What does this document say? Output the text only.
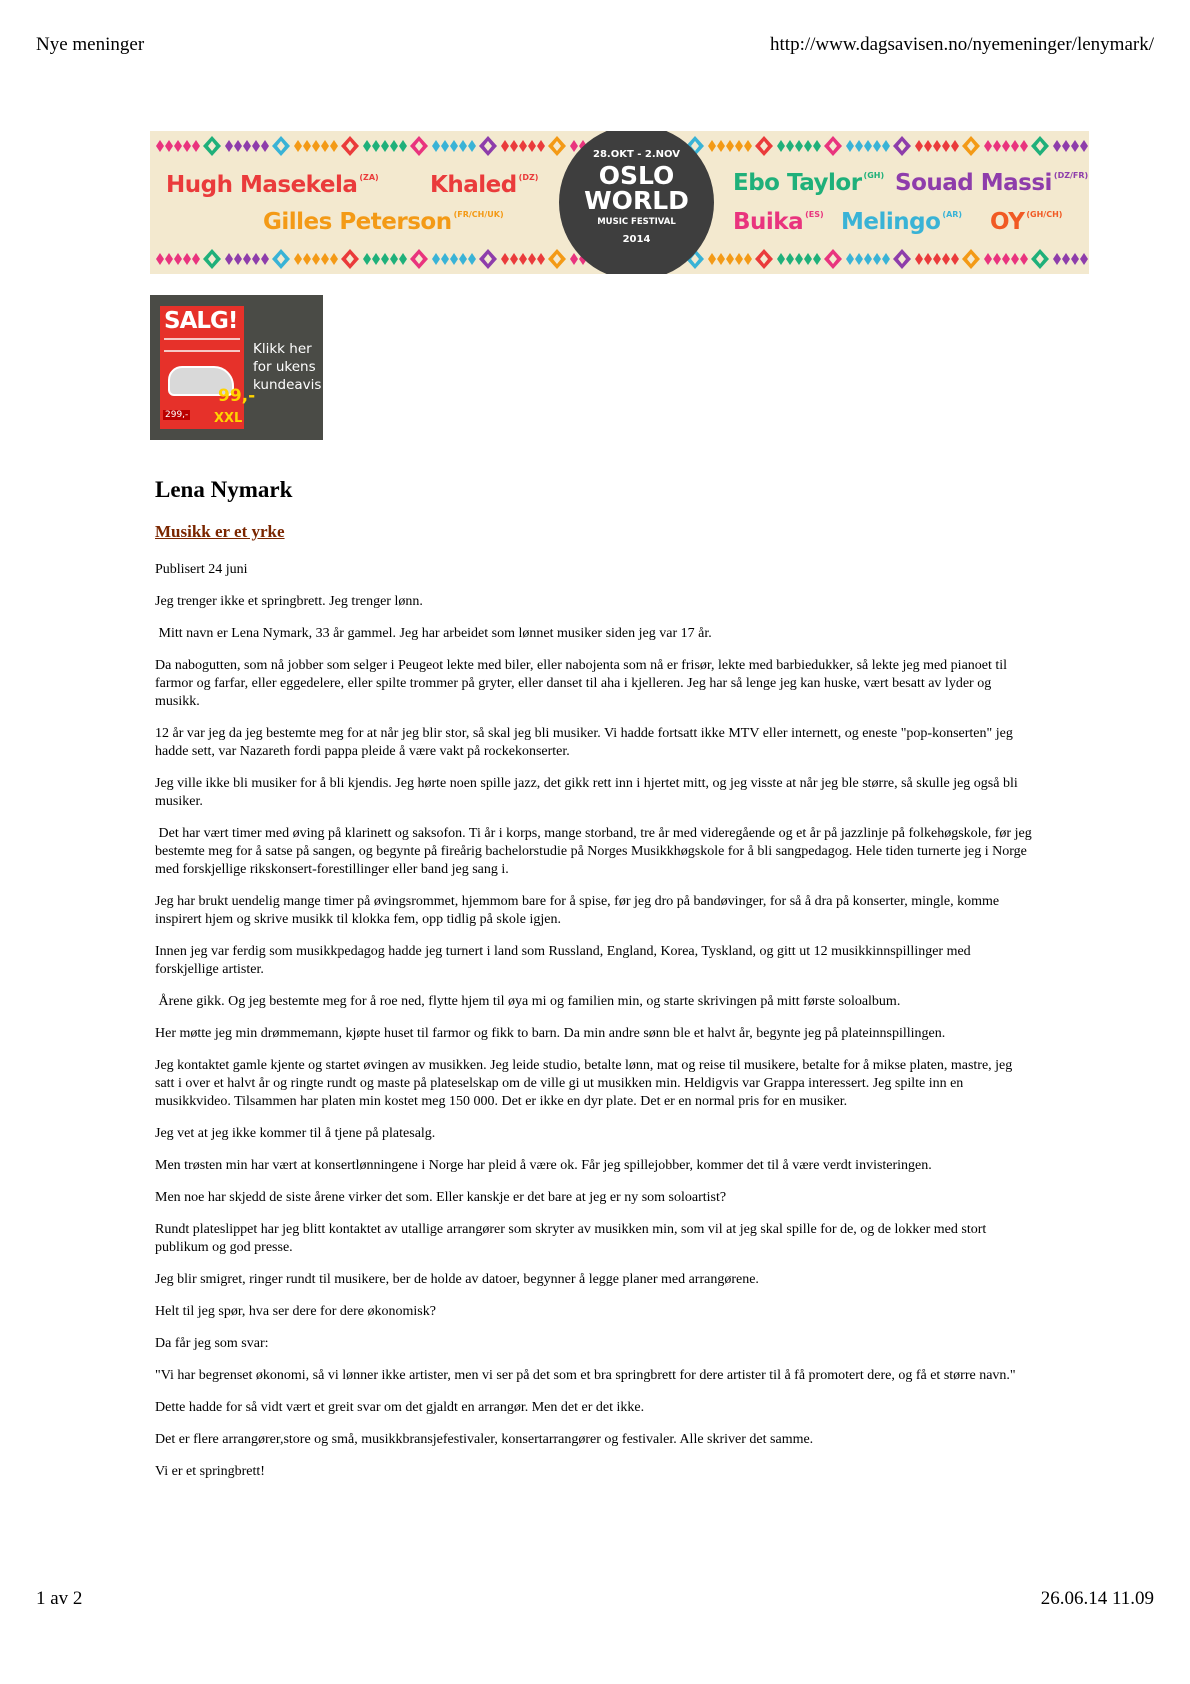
Nye meninger	http://www.dagsavisen.no/nyemeninger/lenymark/
Hugh Masekela $^{(ZA)}$ Khaled $^{(DZ)}$
Gilles Peterson $^{(FR/CH/UK)}$
Ebo Taylor $^{(GH)}$ Souad Massi $^{(DZ/FR)}$
Buika $^{(ES)}$ Melingo $^{(AR)}$ OY $^{(GH/CH)}$
28.OKT - 2.NOV
OSLO
WORLD
MUSIC FESTIVAL
2014
SALG!
99,-
299,- XXL
Klikk her for ukens kundeavis
Lena Nymark
Musikk er et yrke

Publisert 24 juni

Jeg trenger ikke et springbrett. Jeg trenger lønn.

Mitt navn er Lena Nymark, 33 år gammel. Jeg har arbeidet som lønnet musiker siden jeg var 17 år.

Da nabogutten, som nå jobber som selger i Peugeot lekte med biler, eller nabojenta som nå er frisør, lekte med barbiedukker, så lekte jeg med pianoet til farmor og farfar, eller eggedelere, eller spilte trommer på gryter, eller danset til aha i kjelleren. Jeg har så lenge jeg kan huske, vært besatt av lyder og musikk.

12 år var jeg da jeg bestemte meg for at når jeg blir stor, så skal jeg bli musiker. Vi hadde fortsatt ikke MTV eller internett, og eneste "pop-konserten" jeg hadde sett, var Nazareth fordi pappa pleide å være vakt på rockekonserter.

Jeg ville ikke bli musiker for å bli kjendis. Jeg hørte noen spille jazz, det gikk rett inn i hjertet mitt, og jeg visste at når jeg ble større, så skulle jeg også bli musiker.

Det har vært timer med øving på klarinett og saksofon. Ti år i korps, mange storband, tre år med videregående og et år på jazzlinje på folkehøgskole, før jeg bestemte meg for å satse på sangen, og begynte på fireårig bachelorstudie på Norges Musikkhøgskole for å bli sangpedagog. Hele tiden turnerte jeg i Norge med forskjellige rikskonsert-forestillinger eller band jeg sang i.

Jeg har brukt uendelig mange timer på øvingsrommet, hjemmom bare for å spise, før jeg dro på bandøvinger, for så å dra på konserter, mingle, komme inspirert hjem og skrive musikk til klokka fem, opp tidlig på skole igjen.

Innen jeg var ferdig som musikkpedagog hadde jeg turnert i land som Russland, England, Korea, Tyskland, og gitt ut 12 musikkinnspillinger med forskjellige artister.

Årene gikk. Og jeg bestemte meg for å roe ned, flytte hjem til øya mi og familien min, og starte skrivingen på mitt første soloalbum.

Her møtte jeg min drømmemann, kjøpte huset til farmor og fikk to barn. Da min andre sønn ble et halvt år, begynte jeg på plateinnspillingen.

Jeg kontaktet gamle kjente og startet øvingen av musikken. Jeg leide studio, betalte lønn, mat og reise til musikere, betalte for å mikse platen, mastre, jeg satt i over et halvt år og ringte rundt og maste på plateselskap om de ville gi ut musikken min. Heldigvis var Grappa interessert. Jeg spilte inn en musikkvideo. Tilsammen har platen min kostet meg 150 000. Det er ikke en dyr plate. Det er en normal pris for en musiker.

Jeg vet at jeg ikke kommer til å tjene på platesalg.

Men trøsten min har vært at konsertlønningene i Norge har pleid å være ok. Får jeg spillejobber, kommer det til å være verdt invisteringen.

Men noe har skjedd de siste årene virker det som. Eller kanskje er det bare at jeg er ny som soloartist?

Rundt plateslippet har jeg blitt kontaktet av utallige arrangører som skryter av musikken min, som vil at jeg skal spille for de, og de lokker med stort publikum og god presse.

Jeg blir smigret, ringer rundt til musikere, ber de holde av datoer, begynner å legge planer med arrangørene.

Helt til jeg spør, hva ser dere for dere økonomisk?

Da får jeg som svar:

"Vi har begrenset økonomi, så vi lønner ikke artister, men vi ser på det som et bra springbrett for dere artister til å få promotert dere, og få et større navn."

Dette hadde for så vidt vært et greit svar om det gjaldt en arrangør. Men det er det ikke.

Det er flere arrangører,store og små, musikkbransjefestivaler, konsertarrangører og festivaler. Alle skriver det samme.

Vi er et springbrett!

1 av 2	26.06.14 11.09
